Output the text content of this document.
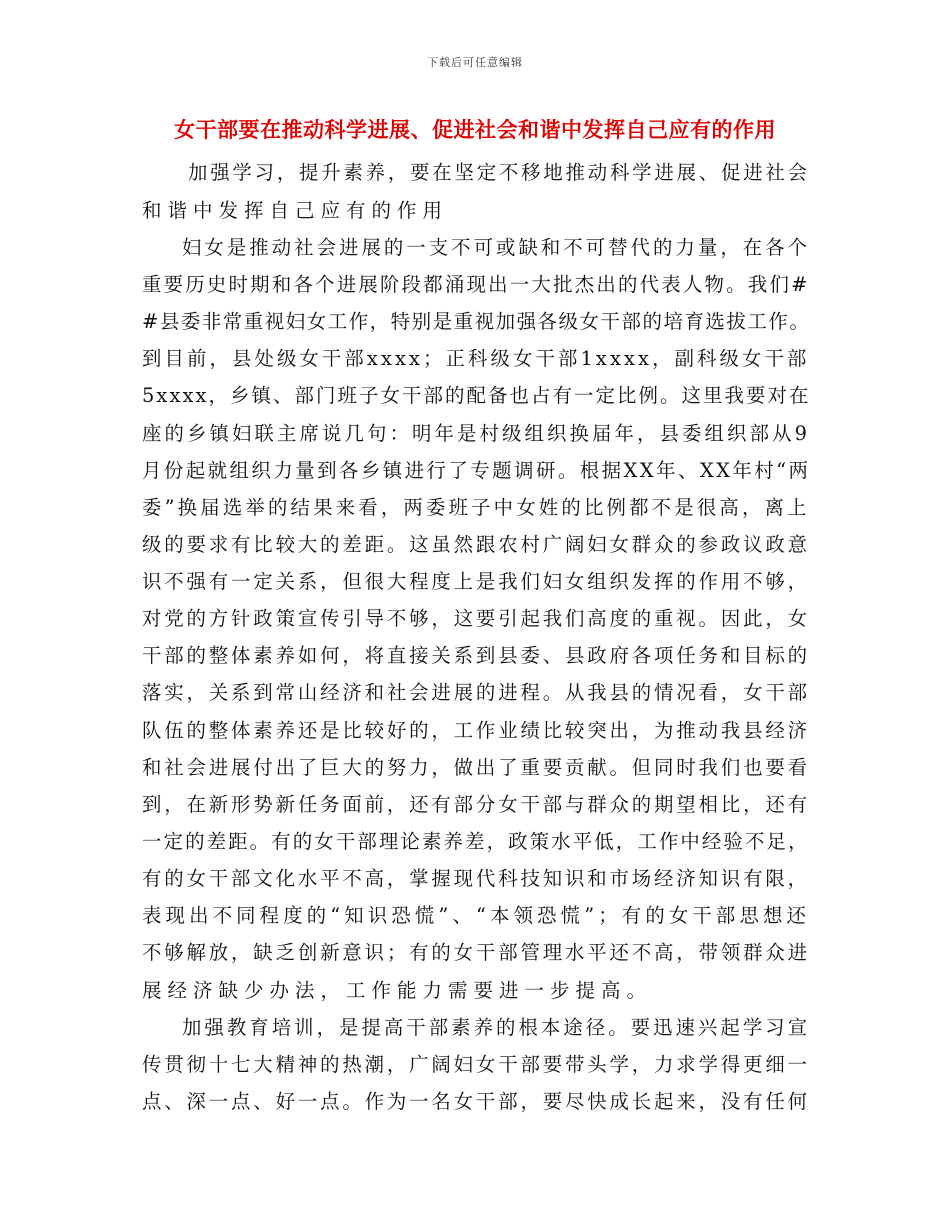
下载后可任意编辑
女干部要在推动科学进展、促进社会和谐中发挥自己应有的作用
加强学习，提升素养，要在坚定不移地推动科学进展、促进社会
和谐中发挥自己应有的作用
妇女是推动社会进展的一支不可或缺和不可替代的力量，在各个
重要历史时期和各个进展阶段都涌现出一大批杰出的代表人物。我们#
#县委非常重视妇女工作，特别是重视加强各级女干部的培育选拔工作。
到目前，县处级女干部xxxx；正科级女干部1xxxx，副科级女干部
5xxxx，乡镇、部门班子女干部的配备也占有一定比例。这里我要对在
座的乡镇妇联主席说几句：明年是村级组织换届年，县委组织部从9
月份起就组织力量到各乡镇进行了专题调研。根据XX年、XX年村“两
委”换届选举的结果来看，两委班子中女姓的比例都不是很高，离上
级的要求有比较大的差距。这虽然跟农村广阔妇女群众的参政议政意
识不强有一定关系，但很大程度上是我们妇女组织发挥的作用不够，
对党的方针政策宣传引导不够，这要引起我们高度的重视。因此，女
干部的整体素养如何，将直接关系到县委、县政府各项任务和目标的
落实，关系到常山经济和社会进展的进程。从我县的情况看，女干部
队伍的整体素养还是比较好的，工作业绩比较突出，为推动我县经济
和社会进展付出了巨大的努力，做出了重要贡献。但同时我们也要看
到，在新形势新任务面前，还有部分女干部与群众的期望相比，还有
一定的差距。有的女干部理论素养差，政策水平低，工作中经验不足，
有的女干部文化水平不高，掌握现代科技知识和市场经济知识有限，
表现出不同程度的“知识恐慌”、“本领恐慌”；有的女干部思想还
不够解放，缺乏创新意识；有的女干部管理水平还不高，带领群众进
展经济缺少办法，工作能力需要进一步提高。
加强教育培训，是提高干部素养的根本途径。要迅速兴起学习宣
传贯彻十七大精神的热潮，广阔妇女干部要带头学，力求学得更细一
点、深一点、好一点。作为一名女干部，要尽快成长起来，没有任何
